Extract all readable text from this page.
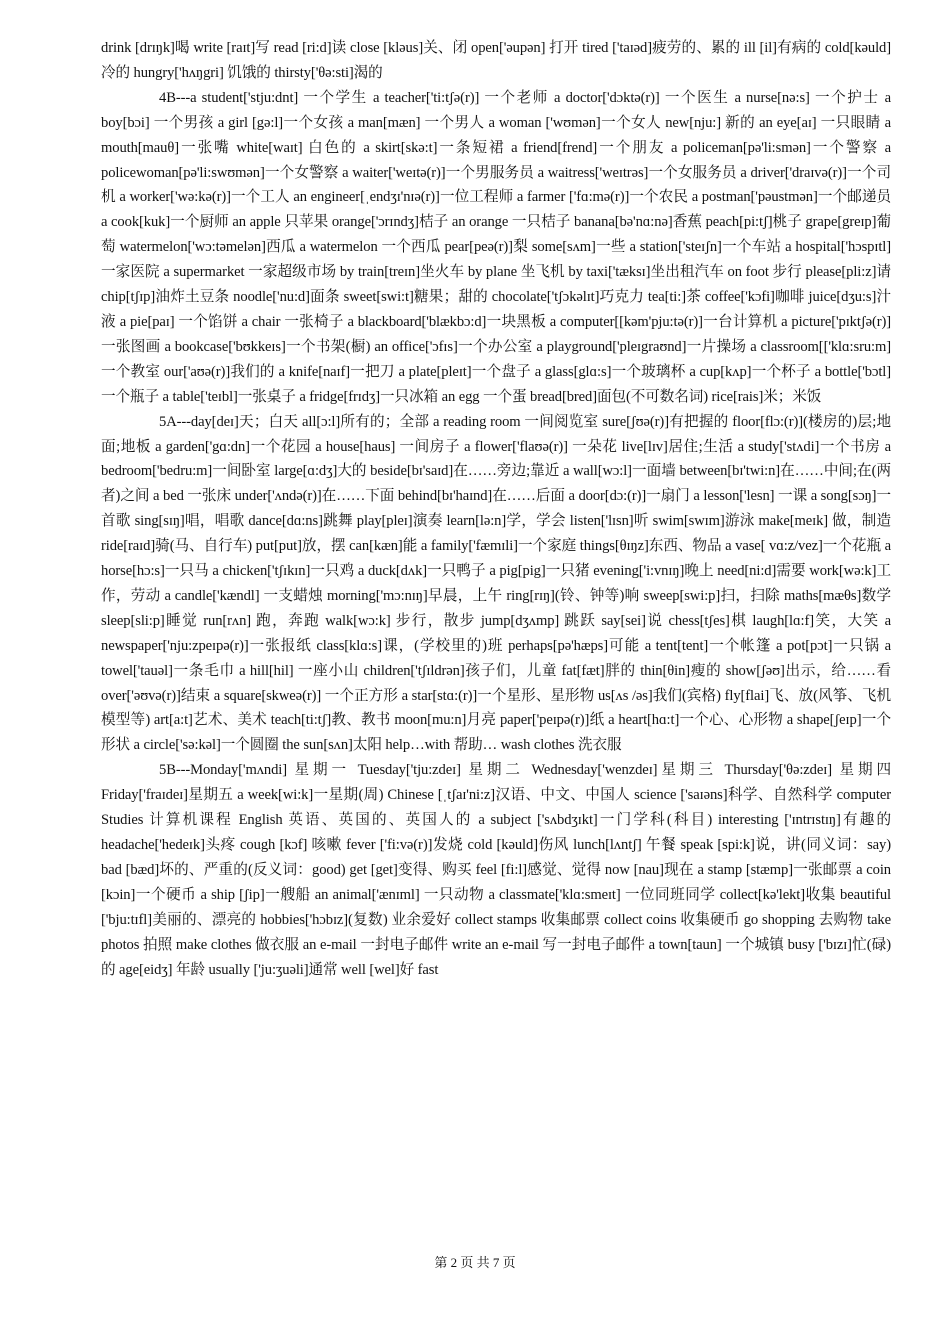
drink [drɪŋk]喝 write [raɪt]写 read [ri:d]读 close [kləus]关、闭 open['əupən] 打开 tired ['taɪəd]疲劳的、累的 ill [il]有病的 cold[kəuld] 冷的 hungry['hʌŋgri] 饥饿的 thirsty['θə:sti]渴的

4B---a student['stju:dnt] 一个学生 a teacher['ti:tʃə(r)] 一个老师 a doctor['dɔktə(r)] 一个医生 a nurse[nə:s] 一个护士 a boy[bɔi] 一个男孩 a girl [gə:l]一个女孩 a man[mæn] 一个男人 a woman ['wʊmən]一个女人 new[nju:] 新的 an eye[aɪ] 一只眼睛 a mouth[mauθ]一张嘴 white[waɪt] 白色的 a skirt[skə:t]一条短裙 a friend[frend]一个朋友 a policeman[pə'li:smən]一个警察 a policewoman[pə'li:swʊmən]一个女警察 a waiter['weɪtə(r)]一个男服务员 a waitress['weɪtrəs]一个女服务员 a driver['draɪvə(r)]一个司机 a worker['wə:kə(r)]一个工人 an engineer[ˌendʒɪ'nɪə(r)]一位工程师 a farmer ['fɑ:mə(r)]一个农民 a postman['pəustmən]一个邮递员 a cook[kuk]一个厨师 an apple 只苹果 orange['ɔrɪndʒ]桔子 an orange 一只桔子 banana[bə'nɑ:nə]香蕉 peach[pi:tʃ]桃子 grape[greɪp]葡萄 watermelon['wɔ:təmelən]西瓜 a watermelon 一个西瓜 pear[peə(r)]梨 some[sʌm]一些 a station['steɪʃn]一个车站 a hospital['hɔspɪtl]一家医院 a supermarket 一家超级市场 by train[treɪn]坐火车 by plane 坐飞机 by taxi['tæksɪ]坐出租汽车 on foot 步行 please[pli:z]请 chip[tʃɪp]油炸土豆条 noodle['nu:d]面条 sweet[swi:t]糖果；甜的 chocolate['tʃɔkəlɪt]巧克力 tea[ti:]茶 coffee['kɔfi]咖啡 juice[dʒu:s]汁液 a pie[paɪ] 一个馅饼 a chair 一张椅子 a blackboard['blækbɔ:d]一块黑板 a computer[[kəm'pju:tə(r)]一台计算机 a picture['pɪktʃə(r)]一张图画 a bookcase['bʊkkeɪs]一个书架(橱) an office['ɔfɪs]一个办公室 a playground['pleɪgraʊnd]一片操场 a classroom[['klɑ:sru:m]一个教室 our['aʊə(r)]我们的 a knife[naɪf]一把刀 a plate[pleɪt]一个盘子 a glass[glɑ:s]一个玻璃杯 a cup[kʌp]一个杯子 a bottle['bɔtl]一个瓶子 a table['teɪbl]一张桌子 a fridge[frɪdʒ]一只冰箱 an egg 一个蛋 bread[bred]面包(不可数名词) rice[rais]米；米饭

5A---day[deɪ]天；白天 all[ɔ:l]所有的；全部 a reading room 一间阅览室 sure[ʃʊə(r)]有把握的 floor[flɔ:(r)](楼房的)层;地面;地板 a garden['gɑ:dn]一个花园 a house[haus] 一间房子 a flower['flaʊə(r)] 一朵花 live[lɪv]居住;生活 a study['stʌdi]一个书房 a bedroom['bedru:m]一间卧室 large[ɑ:dʒ]大的 beside[bɪ'saɪd]在……旁边;靠近 a wall[wɔ:l]一面墙 between[bɪ'twi:n]在……中间;在(两者)之间 a bed 一张床 under['ʌndə(r)]在……下面 behind[bɪ'haɪnd]在……后面 a door[dɔ:(r)]一扇门 a lesson['lesn] 一课 a song[sɔŋ]一首歌 sing[sɪŋ]唱，唱歌 dance[dɑ:ns]跳舞 play[pleɪ]演奏 learn[lə:n]学，学会 listen['lɪsn]听 swim[swɪm]游泳 make[meɪk] 做，制造 ride[raɪd]骑(马、自行车) put[put]放，摆 can[kæn]能 a family['fæmɪli]一个家庭 things[θɪŋz]东西、物品 a vase[ vɑ:z/vez]一个花瓶 a horse[hɔ:s]一只马 a chicken['tʃɪkɪn]一只鸡 a duck[dʌk]一只鸭子 a pig[pig]一只猪 evening['i:vnɪŋ]晚上 need[ni:d]需要 work[wə:k]工作，劳动 a candle['kændl] 一支蜡烛 morning['mɔ:nɪŋ]早晨，上午 ring[rɪŋ](铃、钟等)响 sweep[swi:p]扫，扫除 maths[mæθs]数学 sleep[sli:p]睡觉 run[rʌn] 跑，奔跑 walk[wɔ:k] 步行，散步 jump[dʒʌmp] 跳跃 say[sei]说 chess[tʃes]棋 laugh[lɑ:f]笑，大笑 a newspaper['nju:zpeɪpə(r)]一张报纸 class[klɑ:s]课，(学校里的)班 perhaps[pə'hæps]可能 a tent[tent]一个帐篷 a pot[pɔt]一只锅 a towel['tauəl]一条毛巾 a hill[hil] 一座小山 children['tʃɪldrən]孩子们，儿童 fat[fæt]胖的 thin[θin]瘦的 show[ʃəʊ]出示，给……看 over['əʊvə(r)]结束 a square[skweə(r)] 一个正方形 a star[stɑ:(r)]一个星形、星形物 us[ʌs /əs]我们(宾格) fly[flai]飞、放(风筝、飞机模型等) art[a:t]艺术、美术 teach[ti:tʃ]教、教书 moon[mu:n]月亮 paper['peɪpə(r)]纸 a heart[hɑ:t]一个心、心形物 a shape[ʃeɪp]一个形状 a circle['sə:kəl]一个圆圈 the sun[sʌn]太阳 help…with 帮助… wash clothes 洗衣服

5B---Monday['mʌndi] 星期一 Tuesday['tju:zdeɪ] 星期二 Wednesday['wenzdeɪ]星期三 Thursday['θə:zdeɪ] 星期四 Friday['fraɪdeɪ]星期五 a week[wi:k]一星期(周) Chinese [ˌtʃaɪ'ni:z]汉语、中文、中国人 science ['saɪəns]科学、自然科学 computer Studies 计算机课程 English 英语、英国的、英国人的 a subject ['sʌbdʒɪkt]一门学科(科目) interesting ['ɪntrɪstɪŋ]有趣的 headache['hedeɪk]头疼 cough [kɔf] 咳嗽 fever ['fi:və(r)]发烧 cold [kəuld]伤风 lunch[lʌntʃ] 午餐 speak [spi:k]说，讲(同义词：say) bad [bæd]坏的、严重的(反义词：good) get [get]变得、购买 feel [fi:l]感觉、觉得 now [nau]现在 a stamp [stæmp]一张邮票 a coin [kɔin]一个硬币 a ship [ʃip]一艘船 an animal['ænɪml] 一只动物 a classmate['klɑ:smeɪt] 一位同班同学 collect[kə'lekt]收集 beautiful ['bju:tɪfl]美丽的、漂亮的 hobbies['hɔbɪz](复数) 业余爱好 collect stamps 收集邮票 collect coins 收集硬币 go shopping 去购物 take photos 拍照 make clothes 做衣服 an e-mail 一封电子邮件 write an e-mail 写一封电子邮件 a town[taun] 一个城镇 busy ['bɪzɪ]忙(碌)的 age[eidʒ] 年龄 usually ['ju:ʒuəli]通常 well [wel]好 fast

第 2 页 共 7 页
